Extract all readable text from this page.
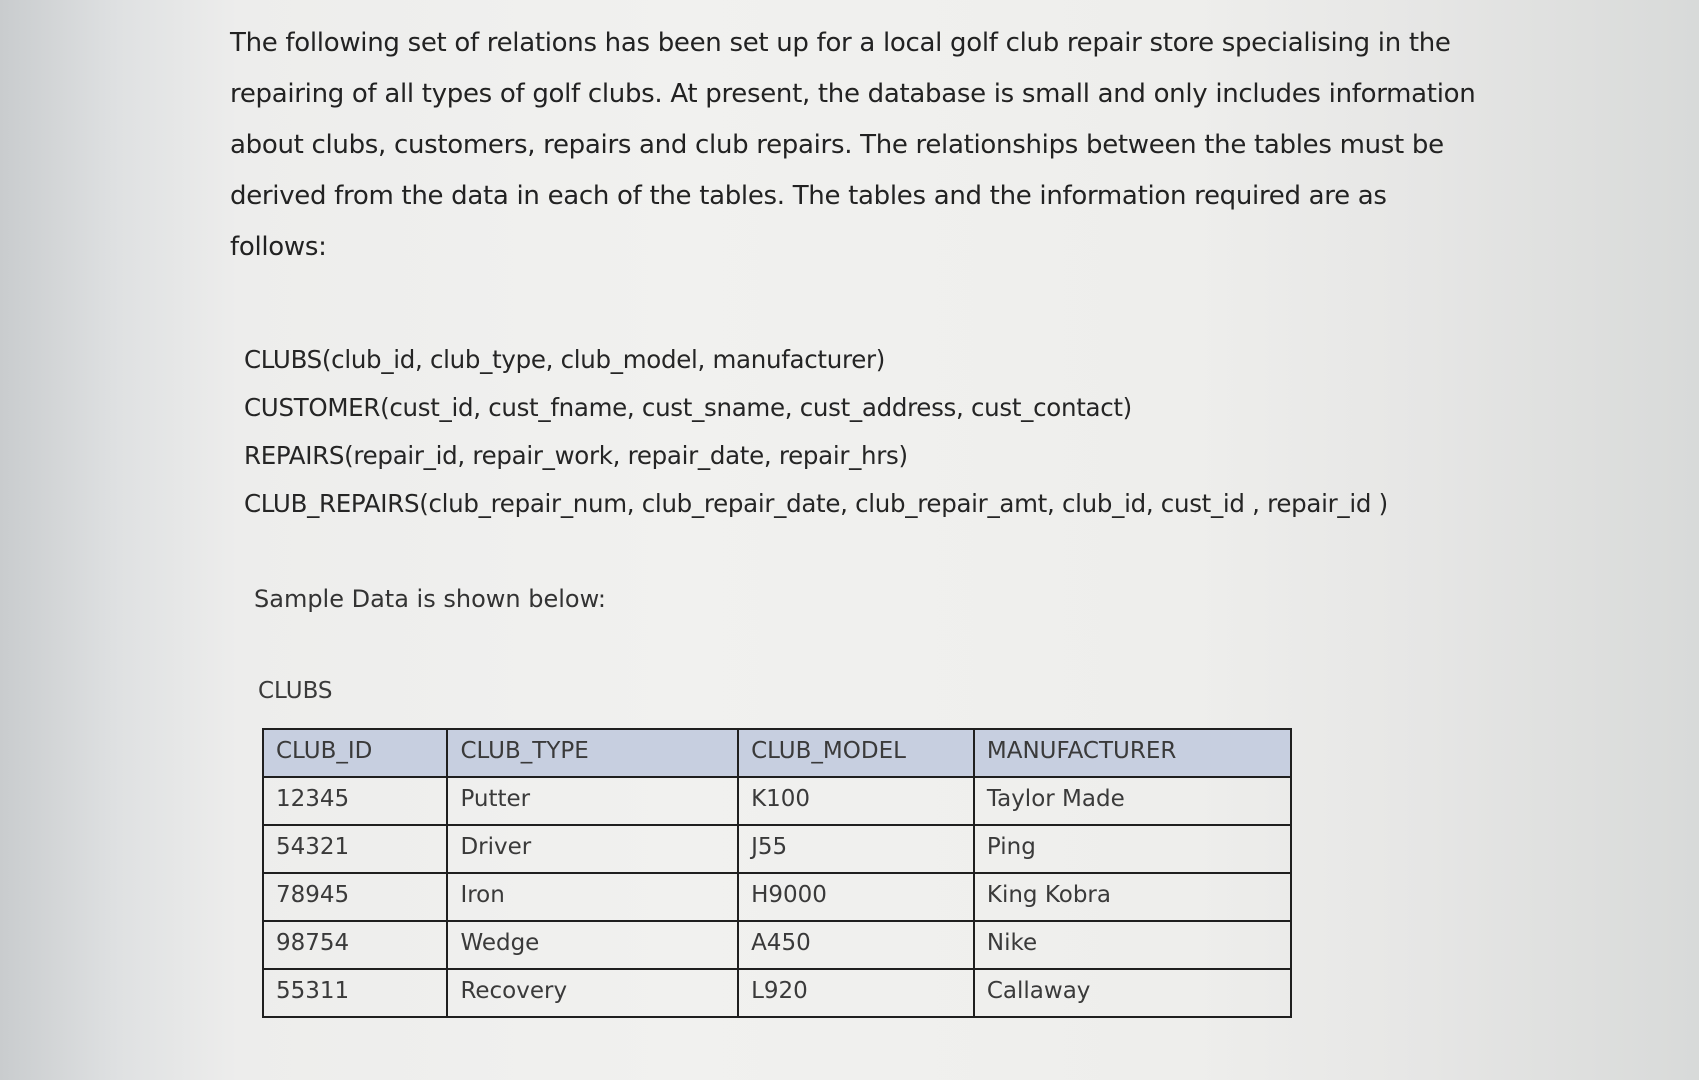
The following set of relations has been set up for a local golf club repair store specialising in the
repairing of all types of golf clubs. At present, the database is small and only includes information
about clubs, customers, repairs and club repairs. The relationships between the tables must be
derived from the data in each of the tables. The tables and the information required are as
follows:

CLUBS(club_id, club_type, club_model, manufacturer)
CUSTOMER(cust_id, cust_fname, cust_sname, cust_address, cust_contact)
REPAIRS(repair_id, repair_work, repair_date, repair_hrs)
CLUB_REPAIRS(club_repair_num, club_repair_date, club_repair_amt, club_id, cust_id , repair_id )
Sample Data is shown below:
CLUBS
CLUB_ID	CLUB_TYPE	CLUB_MODEL	MANUFACTURER
12345	Putter	K100	Taylor Made
54321	Driver	J55	Ping
78945	Iron	H9000	King Kobra
98754	Wedge	A450	Nike
55311	Recovery	L920	Callaway
